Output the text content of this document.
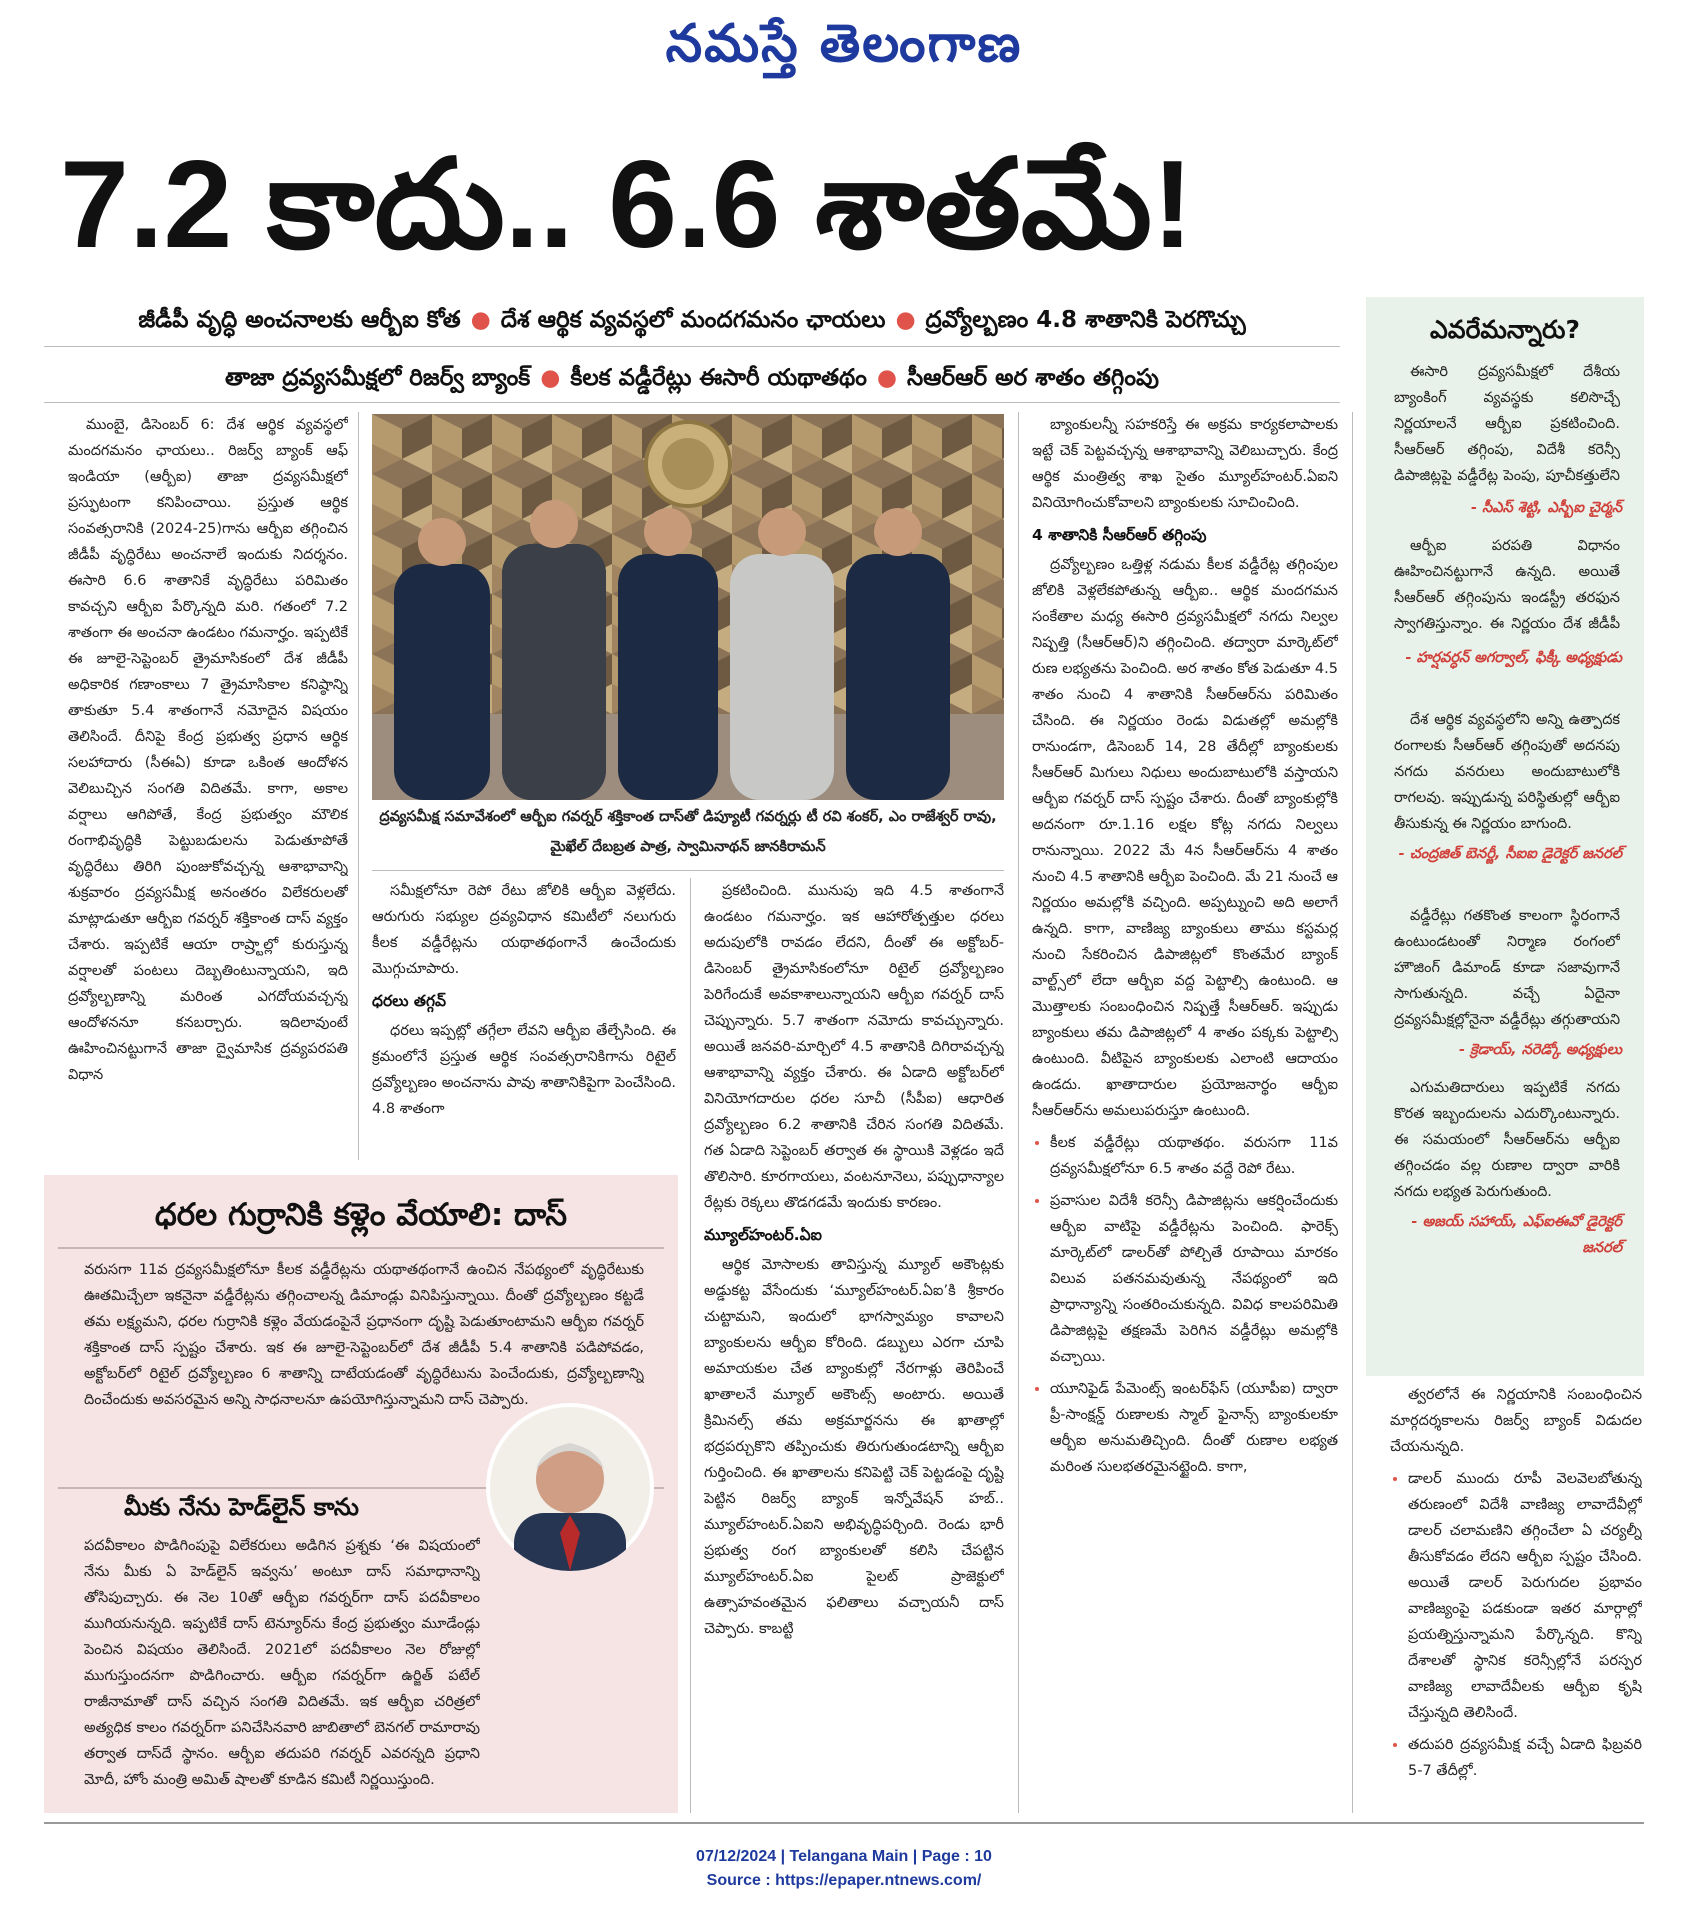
నమస్తే తెలంగాణ
7.2 కాదు.. 6.6 శాతమే!
జీడీపీ వృద్ధి అంచనాలకు ఆర్బీఐ కోత ● దేశ ఆర్థిక వ్యవస్థలో మందగమనం ఛాయలు ● ద్రవ్యోల్బణం 4.8 శాతానికి పెరగొచ్చు
తాజా ద్రవ్యసమీక్షలో రిజర్వ్ బ్యాంక్ ● కీలక వడ్డీరేట్లు ఈసారీ యథాతథం ● సీఆర్ఆర్ అర శాతం తగ్గింపు

ముంబై, డిసెంబర్ 6: దేశ ఆర్థిక వ్యవస్థలో మందగమనం ఛాయలు.. రిజర్వ్ బ్యాంక్ ఆఫ్ ఇండియా (ఆర్బీఐ) తాజా ద్రవ్యసమీక్షలో ప్రస్ఫుటంగా కనిపించాయి. ప్రస్తుత ఆర్థిక సంవత్సరానికి (2024-25)గాను ఆర్బీఐ తగ్గించిన జీడీపీ వృద్ధిరేటు అంచనాలే ఇందుకు నిదర్శనం. ఈసారి 6.6 శాతానికే వృద్ధిరేటు పరిమితం కావచ్చని ఆర్బీఐ పేర్కొన్నది మరి. గతంలో 7.2 శాతంగా ఈ అంచనా ఉండటం గమనార్హం. ఇప్పటికే ఈ జూలై-సెప్టెంబర్ త్రైమాసికంలో దేశ జీడీపీ అధికారిక గణాంకాలు 7 త్రైమాసికాల కనిష్ఠాన్ని తాకుతూ 5.4 శాతంగానే నమోదైన విషయం తెలిసిందే. దీనిపై కేంద్ర ప్రభుత్వ ప్రధాన ఆర్థిక సలహాదారు (సీఈఏ) కూడా ఒకింత ఆందోళన వెలిబుచ్చిన సంగతి విదితమే. కాగా, అకాల వర్షాలు ఆగిపోతే, కేంద్ర ప్రభుత్వం మౌలిక రంగాభివృద్ధికి పెట్టుబడులను పెడుతూపోతే వృద్ధిరేటు తిరిగి పుంజుకోవచ్చన్న ఆశాభావాన్ని శుక్రవారం ద్రవ్యసమీక్ష అనంతరం విలేకరులతో మాట్లాడుతూ ఆర్బీఐ గవర్నర్ శక్తికాంత దాస్ వ్యక్తం చేశారు. ఇప్పటికే ఆయా రాష్ర్టాల్లో కురుస్తున్న వర్షాలతో పంటలు దెబ్బతింటున్నాయని, ఇది ద్రవ్యోల్బణాన్ని మరింత ఎగదోయవచ్చన్న ఆందోళననూ కనబర్చారు. ఇదిలావుంటే ఊహించినట్టుగానే తాజా ద్వైమాసిక ద్రవ్యపరపతి విధాన

ద్రవ్యసమీక్ష సమావేశంలో ఆర్బీఐ గవర్నర్ శక్తికాంత దాస్‌తో డిప్యూటీ గవర్నర్లు టీ రవి శంకర్, ఎం రాజేశ్వర్ రావు, మైఖేల్ దేబబ్రత పాత్ర, స్వామినాథన్ జానకిరామన్

సమీక్షలోనూ రెపో రేటు జోలికి ఆర్బీఐ వెళ్లలేదు. ఆరుగురు సభ్యుల ద్రవ్యవిధాన కమిటీలో నలుగురు కీలక వడ్డీరేట్లను యథాతథంగానే ఉంచేందుకు మొగ్గుచూపారు.

ధరలు తగ్గవ్

ధరలు ఇప్పట్లో తగ్గేలా లేవని ఆర్బీఐ తేల్చేసింది. ఈ క్రమంలోనే ప్రస్తుత ఆర్థిక సంవత్సరానికిగాను రిటైల్ ద్రవ్యోల్బణం అంచనాను పావు శాతానికిపైగా పెంచేసింది. 4.8 శాతంగా

ప్రకటించింది. మునుపు ఇది 4.5 శాతంగానే ఉండటం గమనార్హం. ఇక ఆహారోత్పత్తుల ధరలు అదుపులోకి రావడం లేదని, దీంతో ఈ అక్టోబర్-డిసెంబర్ త్రైమాసికంలోనూ రిటైల్ ద్రవ్యోల్బణం పెరిగేందుకే అవకాశాలున్నాయని ఆర్బీఐ గవర్నర్ దాస్ చెప్పున్నారు. 5.7 శాతంగా నమోదు కావచ్చున్నారు. అయితే జనవరి-మార్చిలో 4.5 శాతానికి దిగిరావచ్చన్న ఆశాభావాన్ని వ్యక్తం చేశారు. ఈ ఏడాది అక్టోబర్‌లో వినియోగదారుల ధరల సూచీ (సీపీఐ) ఆధారిత ద్రవ్యోల్బణం 6.2 శాతానికి చేరిన సంగతి విదితమే. గత ఏడాది సెప్టెంబర్ తర్వాత ఈ స్థాయికి వెళ్లడం ఇదే తొలిసారి. కూరగాయలు, వంటనూనెలు, పప్పుధాన్యాల రేట్లకు రెక్కలు తొడగడమే ఇందుకు కారణం.

మ్యూల్‌హంటర్.ఏఐ

ఆర్థిక మోసాలకు తావిస్తున్న మ్యూల్ అకౌంట్లకు అడ్డుకట్ట వేసేందుకు ‘మ్యూల్‌హంటర్.ఏఐ’కి శ్రీకారం చుట్టామని, ఇందులో భాగస్వామ్యం కావాలని బ్యాంకులను ఆర్బీఐ కోరింది. డబ్బులు ఎరగా చూపి అమాయకుల చేత బ్యాంకుల్లో నేరగాళ్లు తెరిపించే ఖాతాలనే మ్యూల్ అకౌంట్స్ అంటారు. అయితే క్రిమినల్స్ తమ అక్రమార్జనను ఈ ఖాతాల్లో భద్రపర్చుకొని తప్పించుకు తిరుగుతుండటాన్ని ఆర్బీఐ గుర్తించింది. ఈ ఖాతాలను కనిపెట్టి చెక్ పెట్టడంపై దృష్టి పెట్టిన రిజర్వ్ బ్యాంక్ ఇన్నోవేషన్ హబ్.. మ్యూల్‌హంటర్.ఏఐని అభివృద్ధిపర్చింది. రెండు భారీ ప్రభుత్వ రంగ బ్యాంకులతో కలిసి చేపట్టిన మ్యూల్‌హంటర్.ఏఐ పైలట్ ప్రాజెక్టులో ఉత్సాహవంతమైన ఫలితాలు వచ్చాయనీ దాస్ చెప్పారు. కాబట్టి

బ్యాంకులన్నీ సహకరిస్తే ఈ అక్రమ కార్యకలాపాలకు ఇట్టే చెక్ పెట్టవచ్చన్న ఆశాభావాన్ని వెలిబుచ్చారు. కేంద్ర ఆర్థిక మంత్రిత్వ శాఖ సైతం మ్యూల్‌హంటర్.ఏఐని వినియోగించుకోవాలని బ్యాంకులకు సూచించింది.

4 శాతానికి సీఆర్ఆర్ తగ్గింపు

ద్రవ్యోల్బణం ఒత్తిళ్ల నడుమ కీలక వడ్డీరేట్ల తగ్గింపుల జోలికి వెళ్లలేకపోతున్న ఆర్బీఐ.. ఆర్థిక మందగమన సంకేతాల మధ్య ఈసారి ద్రవ్యసమీక్షలో నగదు నిల్వల నిష్పత్తి (సీఆర్ఆర్)ని తగ్గించింది. తద్వారా మార్కెట్‌లో రుణ లభ్యతను పెంచింది. అర శాతం కోత పెడుతూ 4.5 శాతం నుంచి 4 శాతానికి సీఆర్ఆర్‌ను పరిమితం చేసింది. ఈ నిర్ణయం రెండు విడుతల్లో అమల్లోకి రానుండగా, డిసెంబర్ 14, 28 తేదీల్లో బ్యాంకులకు సీఆర్ఆర్ మిగులు నిధులు అందుబాటులోకి వస్తాయని ఆర్బీఐ గవర్నర్ దాస్ స్పష్టం చేశారు. దీంతో బ్యాంకుల్లోకి అదనంగా రూ.1.16 లక్షల కోట్ల నగదు నిల్వలు రానున్నాయి. 2022 మే 4న సీఆర్ఆర్‌ను 4 శాతం నుంచి 4.5 శాతానికి ఆర్బీఐ పెంచింది. మే 21 నుంచే ఆ నిర్ణయం అమల్లోకి వచ్చింది. అప్పట్నుంచి అది అలాగే ఉన్నది. కాగా, వాణిజ్య బ్యాంకులు తాము కస్టమర్ల నుంచి సేకరించిన డిపాజిట్లలో కొంతమేర బ్యాంక్ వాల్ట్స్‌లో లేదా ఆర్బీఐ వద్ద పెట్టాల్సి ఉంటుంది. ఆ మొత్తాలకు సంబంధించిన నిష్పత్తే సీఆర్ఆర్. ఇప్పుడు బ్యాంకులు తమ డిపాజిట్లలో 4 శాతం పక్కకు పెట్టాల్సి ఉంటుంది. వీటిపైన బ్యాంకులకు ఎలాంటి ఆదాయం ఉండదు. ఖాతాదారుల ప్రయోజనార్థం ఆర్బీఐ సీఆర్ఆర్‌ను అమలుపరుస్తూ ఉంటుంది.

• కీలక వడ్డీరేట్లు యథాతథం. వరుసగా 11వ ద్రవ్యసమీక్షలోనూ 6.5 శాతం వద్దే రెపో రేటు.
• ప్రవాసుల విదేశీ కరెన్సీ డిపాజిట్లను ఆకర్షించేందుకు ఆర్బీఐ వాటిపై వడ్డీరేట్లను పెంచింది. ఫారెక్స్ మార్కెట్‌లో డాలర్‌తో పోల్చితే రూపాయి మారకం విలువ పతనమవుతున్న నేపథ్యంలో ఇది ప్రాధాన్యాన్ని సంతరించుకున్నది. వివిధ కాలపరిమితి డిపాజిట్లపై తక్షణమే పెరిగిన వడ్డీరేట్లు అమల్లోకి వచ్చాయి.
• యూనిఫైడ్ పేమెంట్స్ ఇంటర్‌ఫేస్ (యూపీఐ) ద్వారా ప్రీ-సాంక్షన్డ్ రుణాలకు స్మాల్ ఫైనాన్స్ బ్యాంకులకూ ఆర్బీఐ అనుమతిచ్చింది. దీంతో రుణాల లభ్యత మరింత సులభతరమైనట్టైంది. కాగా,

త్వరలోనే ఈ నిర్ణయానికి సంబంధించిన మార్గదర్శకాలను రిజర్వ్ బ్యాంక్ విడుదల చేయనున్నది.

• డాలర్ ముందు రూపీ వెలవెలబోతున్న తరుణంలో విదేశీ వాణిజ్య లావాదేవీల్లో డాలర్ చలామణిని తగ్గించేలా ఏ చర్యల్నీ తీసుకోవడం లేదని ఆర్బీఐ స్పష్టం చేసింది. అయితే డాలర్ పెరుగుదల ప్రభావం వాణిజ్యంపై పడకుండా ఇతర మార్గాల్లో ప్రయత్నిస్తున్నామని పేర్కొన్నది. కొన్ని దేశాలతో స్థానిక కరెన్సీల్లోనే పరస్పర వాణిజ్య లావాదేవీలకు ఆర్బీఐ కృషి చేస్తున్నది తెలిసిందే.
• తదుపరి ద్రవ్యసమీక్ష వచ్చే ఏడాది ఫిబ్రవరి 5-7 తేదీల్లో.
ధరల గుర్రానికి కళ్లెం వేయాలి: దాస్
వరుసగా 11వ ద్రవ్యసమీక్షలోనూ కీలక వడ్డీరేట్లను యథాతథంగానే ఉంచిన నేపథ్యంలో వృద్ధిరేటుకు ఊతమిచ్చేలా ఇకనైనా వడ్డీరేట్లను తగ్గించాలన్న డిమాండ్లు వినిపిస్తున్నాయి. దీంతో ద్రవ్యోల్బణం కట్టడే తమ లక్ష్యమని, ధరల గుర్రానికి కళ్లెం వేయడంపైనే ప్రధానంగా దృష్టి పెడుతూంటామని ఆర్బీఐ గవర్నర్ శక్తికాంత దాస్ స్పష్టం చేశారు. ఇక ఈ జూలై-సెప్టెంబర్‌లో దేశ జీడీపీ 5.4 శాతానికి పడిపోవడం, అక్టోబర్‌లో రిటైల్ ద్రవ్యోల్బణం 6 శాతాన్ని దాటేయడంతో వృద్ధిరేటును పెంచేందుకు, ద్రవ్యోల్బణాన్ని దించేందుకు అవసరమైన అన్ని సాధనాలనూ ఉపయోగిస్తున్నామని దాస్ చెప్పారు.
మీకు నేను హెడ్‌లైన్ కాను
పదవీకాలం పొడిగింపుపై విలేకరులు అడిగిన ప్రశ్నకు ‘ఈ విషయంలో నేను మీకు ఏ హెడ్‌లైన్ ఇవ్వను’ అంటూ దాస్ సమాధానాన్ని తోసిపుచ్చారు. ఈ నెల 10తో ఆర్బీఐ గవర్నర్‌గా దాస్ పదవీకాలం ముగియనున్నది. ఇప్పటికే దాస్ టెన్యూర్‌ను కేంద్ర ప్రభుత్వం మూడేండ్లు పెంచిన విషయం తెలిసిందే. 2021లో పదవీకాలం నెల రోజుల్లో ముగుస్తుందనగా పొడిగించారు. ఆర్బీఐ గవర్నర్‌గా ఉర్జిత్ పటేల్ రాజీనామాతో దాస్ వచ్చిన సంగతి విదితమే. ఇక ఆర్బీఐ చరిత్రలో అత్యధిక కాలం గవర్నర్‌గా పనిచేసినవారి జాబితాలో బెనగల్ రామారావు తర్వాత దాస్‌దే స్థానం. ఆర్బీఐ తదుపరి గవర్నర్ ఎవరన్నది ప్రధాని మోదీ, హోం మంత్రి అమిత్ షాలతో కూడిన కమిటీ నిర్ణయిస్తుంది.
ఎవరేమన్నారు?
ఈసారి ద్రవ్యసమీక్షలో దేశీయ బ్యాంకింగ్ వ్యవస్థకు కలిసొచ్చే నిర్ణయాలనే ఆర్బీఐ ప్రకటించింది. సీఆర్ఆర్ తగ్గింపు, విదేశీ కరెన్సీ డిపాజిట్లపై వడ్డీరేట్ల పెంపు, పూచీకత్తులేని
- సీఎస్ శెట్టి, ఎస్బీఐ చైర్మన్
ఆర్బీఐ పరపతి విధానం ఊహించినట్టుగానే ఉన్నది. అయితే సీఆర్ఆర్ తగ్గింపును ఇండస్ట్రీ తరఫున స్వాగతిస్తున్నాం. ఈ నిర్ణయం దేశ జీడీపీ
- హర్షవర్ధన్ అగర్వాల్, ఫిక్కీ అధ్యక్షుడు
దేశ ఆర్థిక వ్యవస్థలోని అన్ని ఉత్పాదక రంగాలకు సీఆర్ఆర్ తగ్గింపుతో అదనపు నగదు వనరులు అందుబాటులోకి రాగలవు. ఇప్పుడున్న పరిస్థితుల్లో ఆర్బీఐ తీసుకున్న ఈ నిర్ణయం బాగుంది.
- చంద్రజిత్ బెనర్జీ, సీఐఐ డైరెక్టర్ జనరల్
వడ్డీరేట్లు గతకొంత కాలంగా స్థిరంగానే ఉంటుండటంతో నిర్మాణ రంగంలో హౌజింగ్ డిమాండ్ కూడా సజావుగానే సాగుతున్నది. వచ్చే ఏదైనా ద్రవ్యసమీక్షల్లోనైనా వడ్డీరేట్లు తగ్గుతాయని
- క్రెడాయ్, నరెడ్కో అధ్యక్షులు
ఎగుమతిదారులు ఇప్పటికే నగదు కొరత ఇబ్బందులను ఎదుర్కొంటున్నారు. ఈ సమయంలో సీఆర్ఆర్‌ను ఆర్బీఐ తగ్గించడం వల్ల రుణాల ద్వారా వారికి నగదు లభ్యత పెరుగుతుంది.
- అజయ్ సహాయ్, ఎఫ్ఐఈవో డైరెక్టర్ జనరల్
07/12/2024 | Telangana Main | Page : 10
Source : https://epaper.ntnews.com/
